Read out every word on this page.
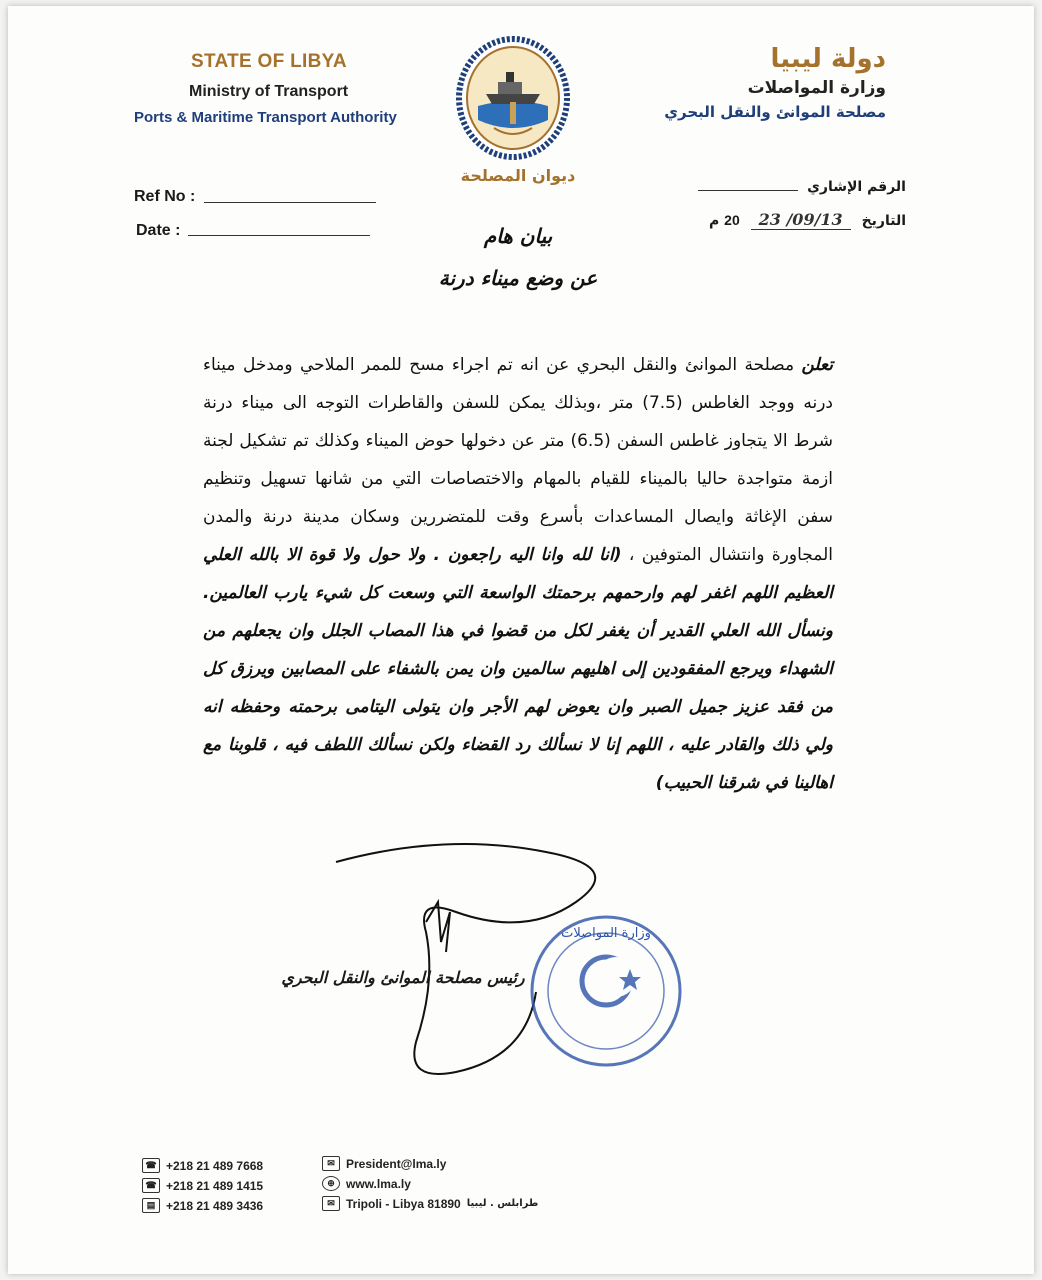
STATE OF LIBYA
Ministry of Transport
Ports & Maritime Transport Authority
دولة ليبيا
وزارة المواصلات
مصلحة الموانئ والنقل البحري
ديوان المصلحة
Ref No :
Date :
الرقم الإشاري
التاريخ 23 /09/13 20 م
بيان هام
عن وضع ميناء درنة
تعلن مصلحة الموانئ والنقل البحري عن انه تم اجراء مسح للممر الملاحي ومدخل ميناء درنه ووجد الغاطس (7.5) متر ،وبذلك يمكن للسفن والقاطرات التوجه الى ميناء درنة شرط الا يتجاوز غاطس السفن (6.5) متر عن دخولها حوض الميناء وكذلك تم تشكيل لجنة ازمة متواجدة حاليا بالميناء للقيام بالمهام والاختصاصات التي من شانها تسهيل وتنظيم سفن الإغاثة وايصال المساعدات بأسرع وقت للمتضررين وسكان مدينة درنة والمدن المجاورة وانتشال المتوفين ، (انا لله وانا اليه راجعون . ولا حول ولا قوة الا بالله العلي العظيم اللهم اغفر لهم وارحمهم برحمتك الواسعة التي وسعت كل شيء يارب العالمين. ونسأل الله العلي القدير أن يغفر لكل من قضوا في هذا المصاب الجلل وان يجعلهم من الشهداء ويرجع المفقودين إلى اهليهم سالمين وان يمن بالشفاء على المصابين ويرزق كل من فقد عزيز جميل الصبر وان يعوض لهم الأجر وان يتولى اليتامى برحمته وحفظه انه ولي ذلك والقادر عليه ، اللهم إنا لا نسألك رد القضاء ولكن نسألك اللطف فيه ، قلوبنا مع اهالينا في شرقنا الحبيب)
رئيس مصلحة الموانئ والنقل البحري
وزارة المواصلات
☎ +218 21 489 7668
☎ +218 21 489 1415
▤ +218 21 489 3436
✉ President@lma.ly
⊕ www.lma.ly
✉ Tripoli - Libya 81890 طرابلس . ليبيا
